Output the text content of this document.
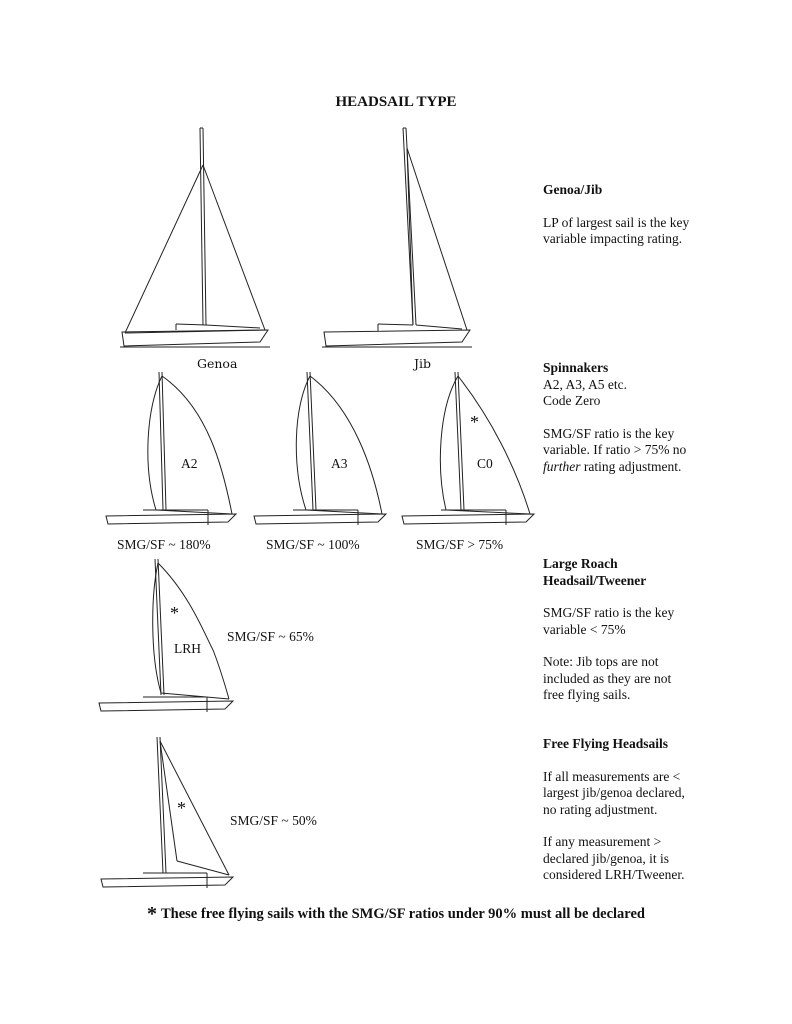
HEADSAIL TYPE
Genoa	Jib
A2
SMG/SF ~ 180%
A3
SMG/SF ~ 100%
*
C0
SMG/SF > 75%
*
LRH
SMG/SF ~ 65%
*
SMG/SF ~ 50%

Genoa/Jib

LP of largest sail is the key variable impacting rating.

Spinnakers

A2, A3, A5 etc.

Code Zero

SMG/SF ratio is the key variable. If ratio > 75% no further rating adjustment.

Large Roach Headsail/Tweener

SMG/SF ratio is the key variable < 75%

Note: Jib tops are not included as they are not free flying sails.

Free Flying Headsails

If all measurements are < largest jib/genoa declared, no rating adjustment.

If any measurement > declared jib/genoa, it is considered LRH/Tweener.

* These free flying sails with the SMG/SF ratios under 90% must all be declared
